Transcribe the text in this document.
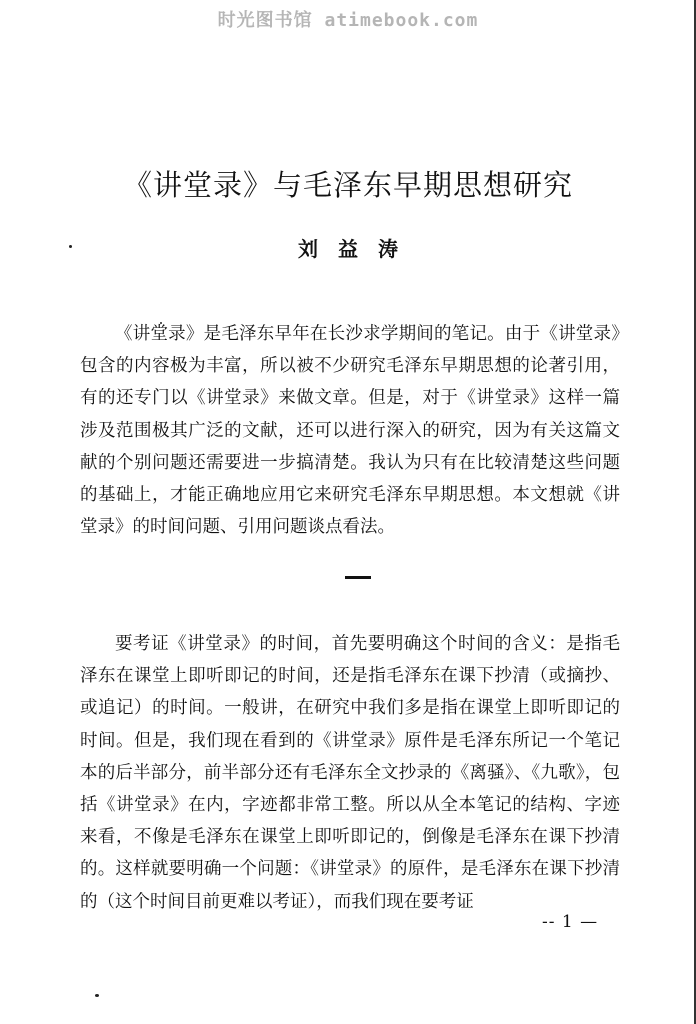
时光图书馆 atimebook.com
《讲堂录》与毛泽东早期思想研究
刘益涛

《讲堂录》是毛泽东早年在长沙求学期间的笔记。由于《讲堂录》包含的内容极为丰富，所以被不少研究毛泽东早期思想的论著引用，有的还专门以《讲堂录》来做文章。但是，对于《讲堂录》这样一篇涉及范围极其广泛的文献，还可以进行深入的研究，因为有关这篇文献的个别问题还需要进一步搞清楚。我认为只有在比较清楚这些问题的基础上，才能正确地应用它来研究毛泽东早期思想。本文想就《讲堂录》的时间问题、引用问题谈点看法。

要考证《讲堂录》的时间，首先要明确这个时间的含义：是指毛泽东在课堂上即听即记的时间，还是指毛泽东在课下抄清（或摘抄、或追记）的时间。一般讲，在研究中我们多是指在课堂上即听即记的时间。但是，我们现在看到的《讲堂录》原件是毛泽东所记一个笔记本的后半部分，前半部分还有毛泽东全文抄录的《离骚》、《九歌》，包括《讲堂录》在内，字迹都非常工整。所以从全本笔记的结构、字迹来看，不像是毛泽东在课堂上即听即记的，倒像是毛泽东在课下抄清的。这样就要明确一个问题：《讲堂录》的原件，是毛泽东在课下抄清的（这个时间目前更难以考证），而我们现在要考证

-- 1 —
